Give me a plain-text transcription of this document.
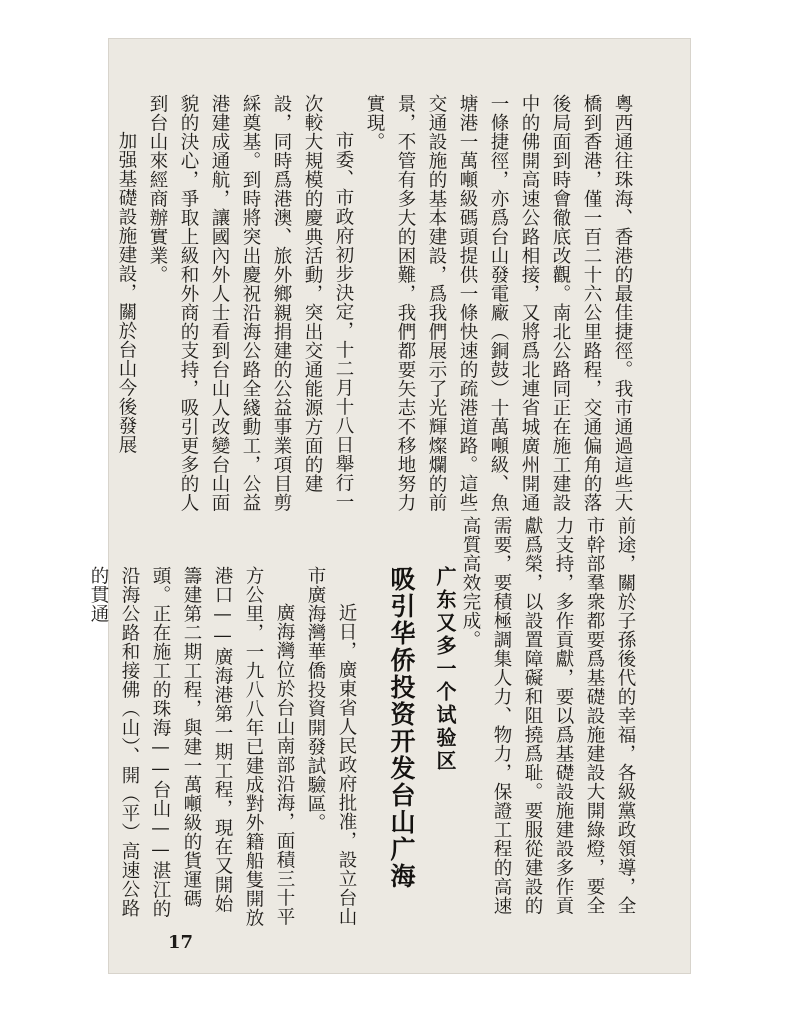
粵西通往珠海、香港的最佳捷徑。我市通過這些大橋到香港，僅一百二十六公里路程，交通偏角的落後局面到時會徹底改觀。南北公路同正在施工建設中的佛開高速公路相接，又將爲北連省城廣州開通一條捷徑，亦爲台山發電廠（銅鼓）十萬噸級、魚塘港一萬噸級碼頭提供一條快速的疏港道路。這些交通設施的基本建設，爲我們展示了光輝燦爛的前景，不管有多大的困難，我們都要矢志不移地努力實現。

市委、市政府初步決定，十二月十八日舉行一次較大規模的慶典活動，突出交通能源方面的建設，同時爲港澳、旅外鄉親捐建的公益事業項目剪綵奠基。到時將突出慶祝沿海公路全綫動工，公益港建成通航，讓國內外人士看到台山人改變台山面貌的決心，爭取上級和外商的支持，吸引更多的人到台山來經商辦實業。

加强基礎設施建設，關於台山今後發展

前途，關於子孫後代的幸福，各級黨政領導，全市幹部羣衆都要爲基礎設施建設大開綠燈，要全力支持，多作貢獻，要以爲基礎設施建設多作貢獻爲榮，以設置障礙和阻撓爲耻。要服從建設的需要，要積極調集人力、物力，保證工程的高速高質高效完成。

广东又多一个试验区
吸引华侨投资开发台山广海

近日，廣東省人民政府批准，設立台山市廣海灣華僑投資開發試驗區。

廣海灣位於台山南部沿海，面積三十平方公里，一九八八年已建成對外籍船隻開放港口——廣海港第一期工程，現在又開始籌建第二期工程，與建一萬噸級的貨運碼頭。正在施工的珠海——台山——湛江的沿海公路和接佛（山）、開（平）高速公路的貫通

17
